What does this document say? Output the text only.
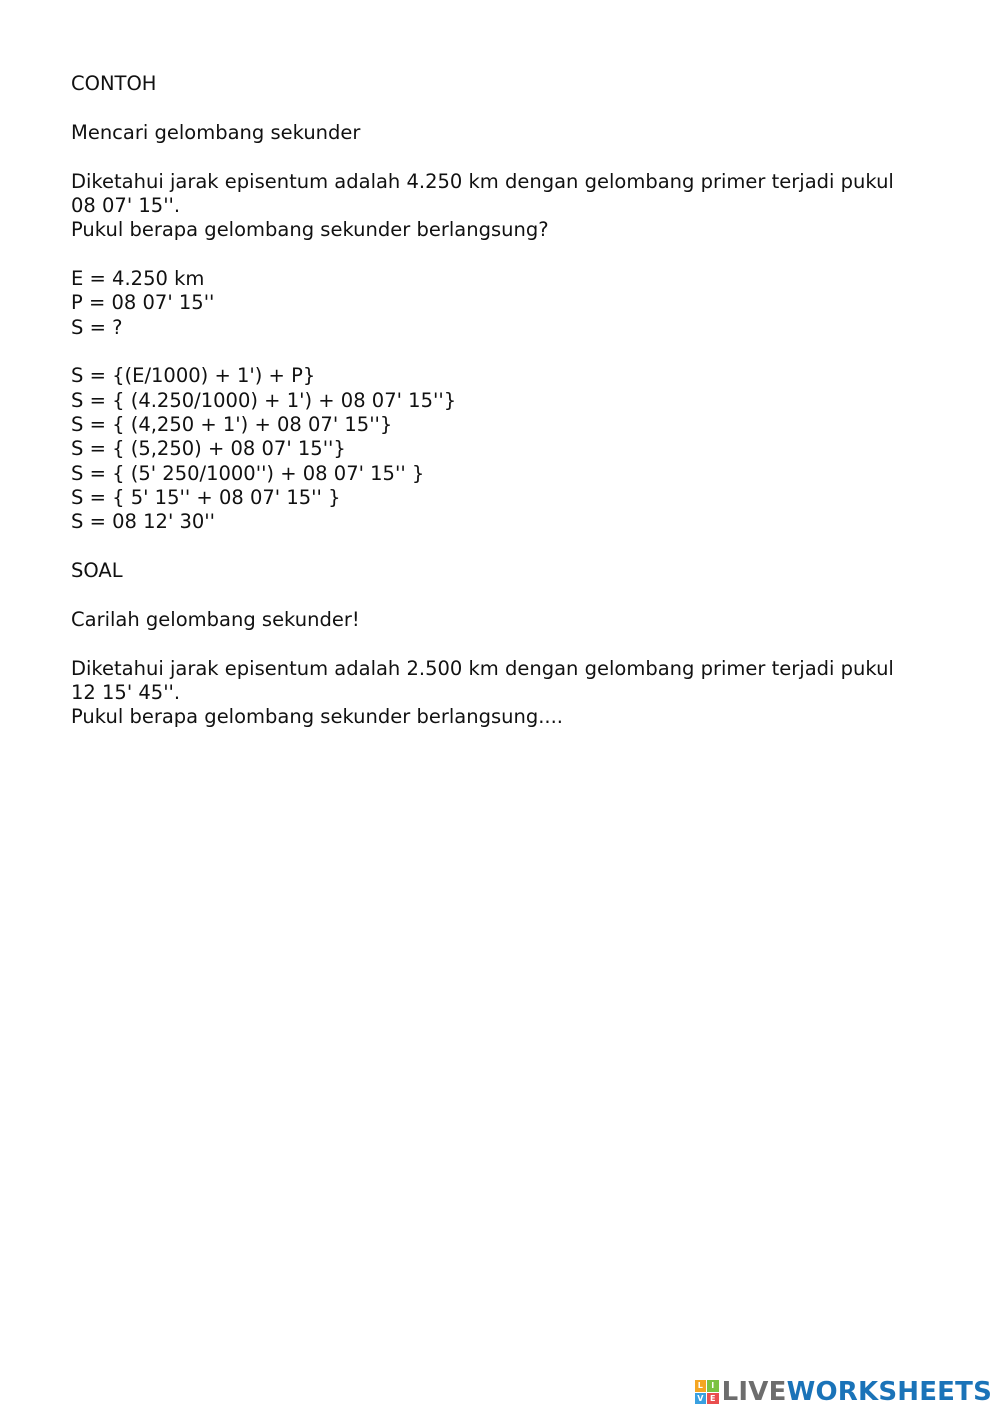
CONTOH
Mencari gelombang sekunder
Diketahui jarak episentum adalah 4.250 km dengan gelombang primer terjadi pukul
08 07' 15''.
Pukul berapa gelombang sekunder berlangsung?
E = 4.250 km
P = 08 07' 15''
S = ?
S = {(E/1000) + 1') + P}
S = { (4.250/1000) + 1') + 08 07' 15''}
S = { (4,250 + 1') + 08 07' 15''}
S = { (5,250) + 08 07' 15''}
S = { (5' 250/1000'') + 08 07' 15'' }
S = { 5' 15'' + 08 07' 15'' }
S = 08 12' 30''
SOAL
Carilah gelombang sekunder!
Diketahui jarak episentum adalah 2.500 km dengan gelombang primer terjadi pukul
12 15' 45''.
Pukul berapa gelombang sekunder berlangsung....
L	I
V E LIVE WORKSHEETS
